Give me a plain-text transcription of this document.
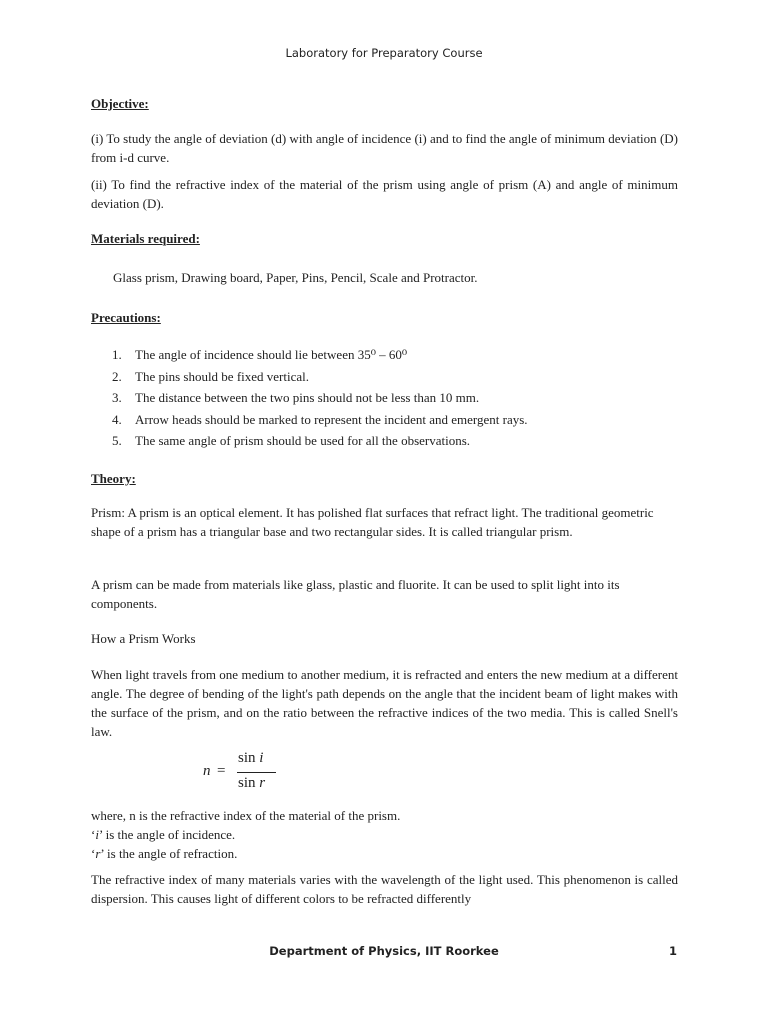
Laboratory for Preparatory Course
Objective:
(i) To study the angle of deviation (d) with angle of incidence (i) and to find the angle of minimum deviation (D) from i-d curve.
(ii) To find the refractive index of the material of the prism using angle of prism (A) and angle of minimum deviation (D).
Materials required:
Glass prism, Drawing board, Paper, Pins, Pencil, Scale and Protractor.
Precautions:
1. The angle of incidence should lie between 35⁰ – 60⁰
2. The pins should be fixed vertical.
3. The distance between the two pins should not be less than 10 mm.
4. Arrow heads should be marked to represent the incident and emergent rays.
5. The same angle of prism should be used for all the observations.
Theory:
Prism: A prism is an optical element. It has polished flat surfaces that refract light. The traditional geometric shape of a prism has a triangular base and two rectangular sides. It is called triangular prism.
A prism can be made from materials like glass, plastic and fluorite. It can be used to split light into its components.
How a Prism Works
When light travels from one medium to another medium, it is refracted and enters the new medium at a different angle. The degree of bending of the light's path depends on the angle that the incident beam of light makes with the surface of the prism, and on the ratio between the refractive indices of the two media. This is called Snell's law.
n =
sin i
sin r
where, n is the refractive index of the material of the prism.
‘i’ is the angle of incidence.
‘r’ is the angle of refraction.
The refractive index of many materials varies with the wavelength of the light used. This phenomenon is called dispersion. This causes light of different colors to be refracted differently
Department of Physics, IIT Roorkee	1
